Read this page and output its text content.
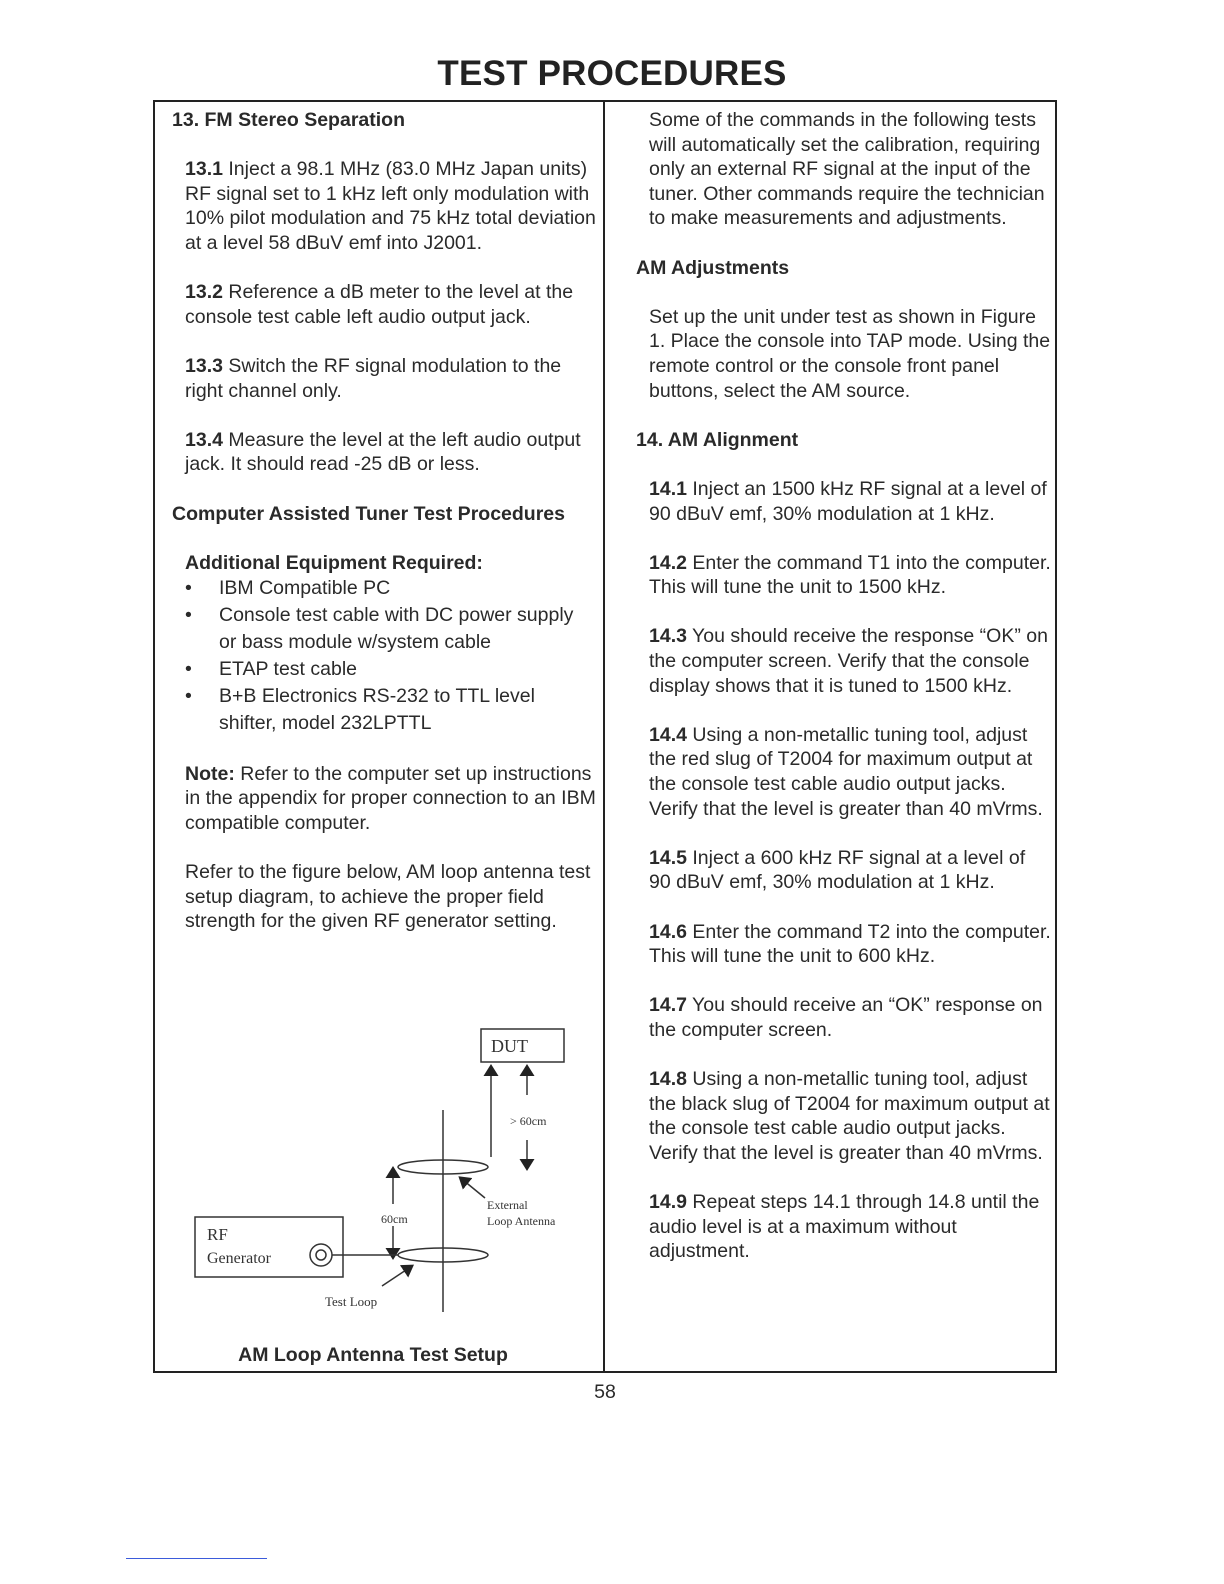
TEST PROCEDURES

13. FM Stereo Separation

13.1 Inject a 98.1 MHz (83.0 MHz Japan units) RF signal set to 1 kHz left only modulation with 10% pilot modulation and 75 kHz total deviation at a level 58 dBuV emf into J2001.

13.2 Reference a dB meter to the level at the console test cable left audio output jack.

13.3 Switch the RF signal modulation to the right channel only.

13.4 Measure the level at the left audio output jack. It should read -25 dB or less.

Computer Assisted Tuner Test Procedures

Additional Equipment Required:

• IBM Compatible PC
• Console test cable with DC power supply or bass module w/system cable
• ETAP test cable
• B+B Electronics RS-232 to TTL level shifter, model 232LPTTL

Note: Refer to the computer set up instructions in the appendix for proper connection to an IBM compatible computer.

Refer to the figure below, AM loop antenna test setup diagram, to achieve the proper field strength for the given RF generator setting.

DUT
> 60cm
External
Loop Antenna
60cm
RF
Generator
Test Loop
AM Loop Antenna Test Setup

Some of the commands in the following tests will automatically set the calibration, requiring only an external RF signal at the input of the tuner. Other commands require the technician to make measurements and adjustments.

AM Adjustments

Set up the unit under test as shown in Figure 1. Place the console into TAP mode. Using the remote control or the console front panel buttons, select the AM source.

14. AM Alignment

14.1 Inject an 1500 kHz RF signal at a level of 90 dBuV emf, 30% modulation at 1 kHz.

14.2 Enter the command T1 into the computer. This will tune the unit to 1500 kHz.

14.3 You should receive the response “OK” on the computer screen. Verify that the console display shows that it is tuned to 1500 kHz.

14.4 Using a non-metallic tuning tool, adjust the red slug of T2004 for maximum output at the console test cable audio output jacks. Verify that the level is greater than 40 mVrms.

14.5 Inject a 600 kHz RF signal at a level of 90 dBuV emf, 30% modulation at 1 kHz.

14.6 Enter the command T2 into the computer. This will tune the unit to 600 kHz.

14.7 You should receive an “OK” response on the computer screen.

14.8 Using a non-metallic tuning tool, adjust the black slug of T2004 for maximum output at the console test cable audio output jacks. Verify that the level is greater than 40 mVrms.

14.9 Repeat steps 14.1 through 14.8 until the audio level is at a maximum without adjustment.

58
